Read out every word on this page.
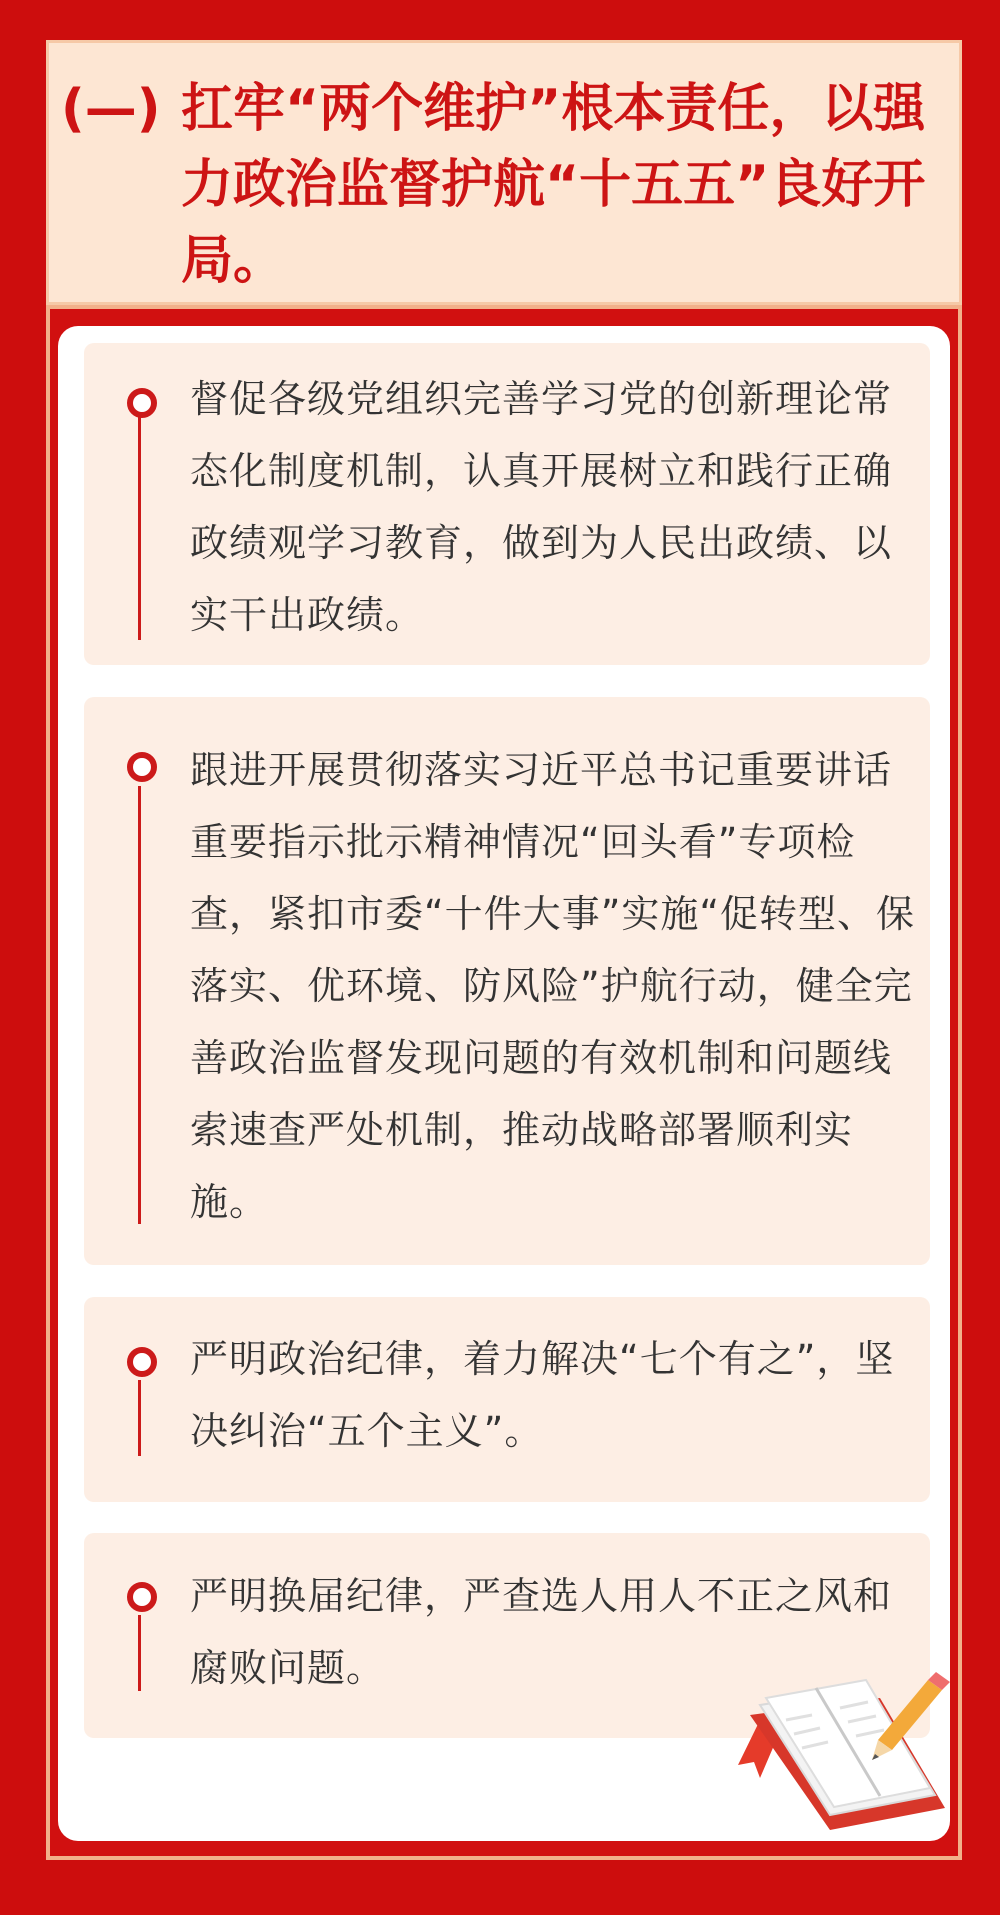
(—) 扛牢“两个维护”根本责任，以强力政治监督护航“十五五”良好开局。
督促各级党组织完善学习党的创新理论常态化制度机制，认真开展树立和践行正确政绩观学习教育，做到为人民出政绩、以实干出政绩。
跟进开展贯彻落实习近平总书记重要讲话重要指示批示精神情况“回头看”专项检查，紧扣市委“十件大事”实施“促转型、保落实、优环境、防风险”护航行动，健全完善政治监督发现问题的有效机制和问题线索速查严处机制，推动战略部署顺利实施。
严明政治纪律，着力解决“七个有之”，坚决纠治“五个主义”。
严明换届纪律，严查选人用人不正之风和腐败问题。
